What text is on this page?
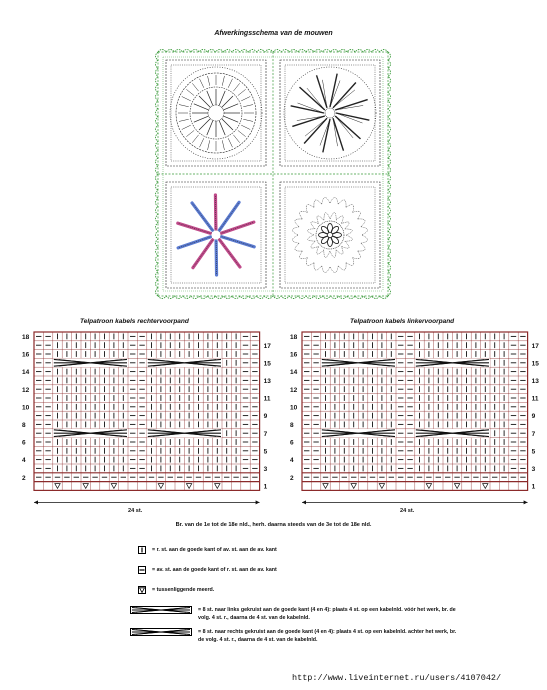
Afwerkingsschema van de mouwen
Telpatroon kabels rechtervoorpand	Telpatroon kabels linkervoorpand
18
16
14
12
10
8
6
4
2
17
15
13
11
9
7
5
3
1
18
16
14
12
10
8
6
4
2
17
15
13
11
9
7
5
3
1
24 st.	24 st.
Br. van de 1e tot de 18e nld., herh. daarna steeds van de 3e tot de 18e nld.
= r. st. aan de goede kant of av. st. aan de av. kant
= av. st. aan de goede kant of r. st. aan de av. kant
= tussenliggende meerd.
= 8 st. naar links gekruist aan de goede kant (4 en 4): plaats 4 st. op een kabelnld. vóór het werk, br. de volg. 4 st. r., daarna de 4 st. van de kabelnld.
= 8 st. naar rechts gekruist aan de goede kant (4 en 4): plaats 4 st. op een kabelnld. achter het werk, br. de volg. 4 st. r., daarna de 4 st. van de kabelnld.
http://www.liveinternet.ru/users/4107042/
